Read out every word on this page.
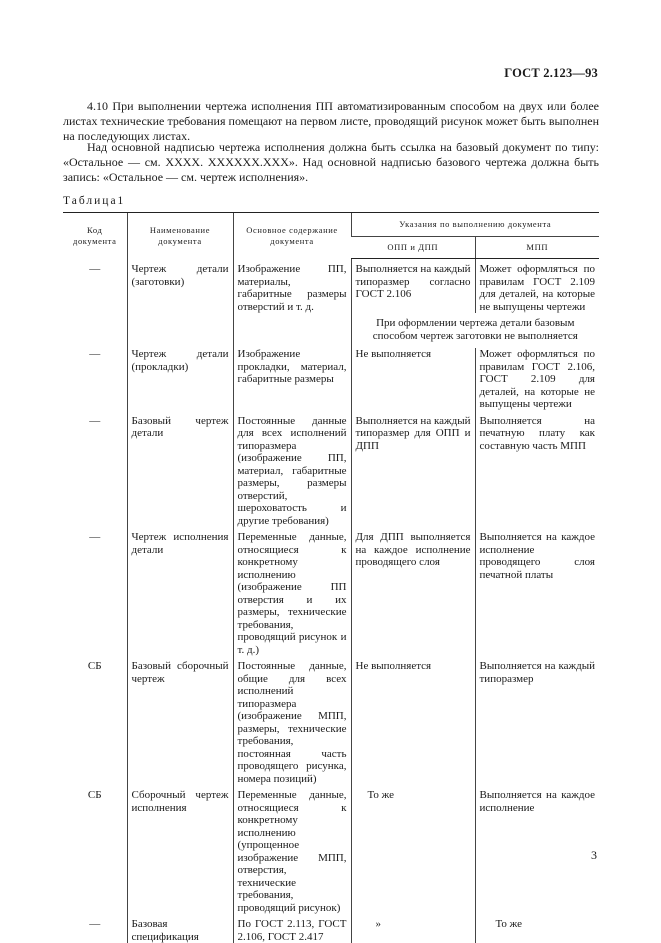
ГОСТ 2.123—93

4.10 При выполнении чертежа исполнения ПП автоматизированным способом на двух или более листах технические требования помещают на первом листе, проводящий рисунок может быть выполнен на последующих листах.

Над основной надписью чертежа исполнения должна быть ссылка на базовый документ по типу: «Остальное — см. XXXX. XXXXXX.XXX». Над основной надписью базового чертежа должна быть запись: «Остальное — см. чертеж исполнения».

Таблица1
Код документа	Наименование документа	Основное содержание документа	Указания по выполнению документа	
			ОПП и ДПП	МПП

—	Чертеж детали (заготовки)	Изображение ПП, материалы, габаритные размеры отверстий и т. д.	Выполняется на каждый типоразмер согласно ГОСТ 2.106	Может оформляться по правилам ГОСТ 2.109 для деталей, на которые не выпущены чертежи
			При оформлении чертежа детали базовым способом чертеж заготовки не выполняется	
—	Чертеж детали (прокладки)	Изображение прокладки, материал, габаритные размеры	Не выполняется	Может оформляться по правилам ГОСТ 2.106, ГОСТ 2.109 для деталей, на которые не выпущены чертежи

—	Базовый чертеж детали	Постоянные данные для всех исполнений типоразмера (изображение ПП, материал, габаритные размеры, размеры отверстий, шероховатость и другие требования)	Выполняется на каждый типоразмер для ОПП и ДПП	Выполняется на печатную плату как составную часть МПП

—	Чертеж исполнения детали	Переменные данные, относящиеся к конкретному исполнению (изображение ПП отверстия и их размеры, технические требования, проводящий рисунок и т. д.)	Для ДПП выполняется на каждое исполнение проводящего слоя	Выполняется на каждое исполнение проводящего слоя печатной платы

СБ	Базовый сборочный чертеж	Постоянные данные, общие для всех исполнений типоразмера (изображение МПП, размеры, технические требования, постоянная часть проводящего рисунка, номера позиций)	Не выполняется	Выполняется на каждый типоразмер

СБ	Сборочный чертеж исполнения	Переменные данные, относящиеся к конкретному исполнению (упрощенное изображение МПП, отверстия, технические требования, проводящий рисунок)	То же	Выполняется на каждое исполнение

—	Базовая спецификация	По ГОСТ 2.113, ГОСТ 2.106, ГОСТ 2.417	»	То же
3
